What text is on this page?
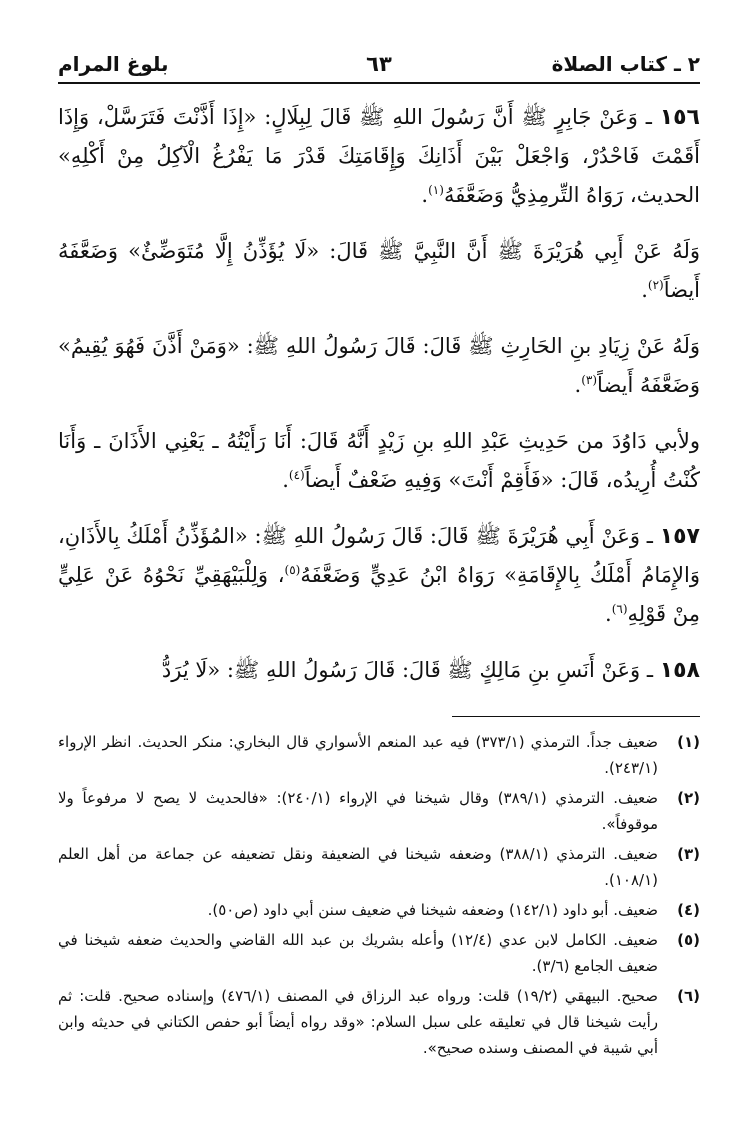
٢ ـ كتاب الصلاة
٦٣
بلوغ المرام

١٥٦ ـ وَعَنْ جَابِرٍ ﷺ أَنَّ رَسُولَ اللهِ ﷺ قَالَ لِبِلَالٍ: «إِذَا أَذَّنْتَ فَتَرَسَّلْ، وَإِذَا أَقَمْتَ فَاحْدُرْ، وَاجْعَلْ بَيْنَ أَذَانِكَ وَإِقَامَتِكَ قَدْرَ مَا يَفْرُغُ الْآكِلُ مِنْ أَكْلِهِ» الحديث، رَوَاهُ التِّرمِذِيُّ وَضَعَّفَهُ$^{(١)}$.

وَلَهُ عَنْ أَبِي هُرَيْرَةَ ﷺ أَنَّ النَّبِيَّ ﷺ قَالَ: «لَا يُؤَذِّنُ إِلَّا مُتَوَضِّئٌ» وَضَعَّفَهُ أَيضاً$^{(٢)}$.

وَلَهُ عَنْ زِيَادِ بنِ الحَارِثِ ﷺ قَالَ: قَالَ رَسُولُ اللهِ ﷺ: «وَمَنْ أَذَّنَ فَهُوَ يُقِيمُ» وَضَعَّفَهُ أَيضاً$^{(٣)}$.

ولأبي دَاوُدَ من حَدِيثِ عَبْدِ اللهِ بنِ زَيْدٍ أَنَّهُ قَالَ: أَنَا رَأَيْتُهُ ـ يَعْنِي الأَذَانَ ـ وَأَنَا كُنْتُ أُرِيدُه، قَالَ: «فَأَقِمْ أَنْتَ» وَفِيهِ ضَعْفٌ أَيضاً$^{(٤)}$.

١٥٧ ـ وَعَنْ أَبِي هُرَيْرَةَ ﷺ قَالَ: قَالَ رَسُولُ اللهِ ﷺ: «المُؤَذِّنُ أَمْلَكُ بِالأَذَانِ، وَالإِمَامُ أَمْلَكُ بِالإِقَامَةِ» رَوَاهُ ابْنُ عَدِيٍّ وَضَعَّفَهُ$^{(٥)}$، وَلِلْبَيْهَقِيِّ نَحْوُهُ عَنْ عَلِيٍّ مِنْ قَوْلِهِ$^{(٦)}$.

١٥٨ ـ وَعَنْ أَنَسِ بنِ مَالِكٍ ﷺ قَالَ: قَالَ رَسُولُ اللهِ ﷺ: «لَا يُرَدُّ

(١)
ضعيف جداً. الترمذي (٣٧٣/١) فيه عبد المنعم الأسواري قال البخاري: منكر الحديث. انظر الإرواء (٢٤٣/١).
(٢)
ضعيف. الترمذي (٣٨٩/١) وقال شيخنا في الإرواء (٢٤٠/١): «فالحديث لا يصح لا مرفوعاً ولا موقوفاً».
(٣)
ضعيف. الترمذي (٣٨٨/١) وضعفه شيخنا في الضعيفة ونقل تضعيفه عن جماعة من أهل العلم (١٠٨/١).
(٤)
ضعيف. أبو داود (١٤٢/١) وضعفه شيخنا في ضعيف سنن أبي داود (ص٥٠).
(٥)
ضعيف. الكامل لابن عدي (١٢/٤) وأعله بشريك بن عبد الله القاضي والحديث ضعفه شيخنا في ضعيف الجامع (٣/٦).
(٦)
صحيح. البيهقي (١٩/٢) قلت: ورواه عبد الرزاق في المصنف (٤٧٦/١) وإسناده صحيح. قلت: ثم رأيت شيخنا قال في تعليقه على سبل السلام: «وقد رواه أيضاً أبو حفص الكتاني في حديثه وابن أبي شيبة في المصنف وسنده صحيح».
